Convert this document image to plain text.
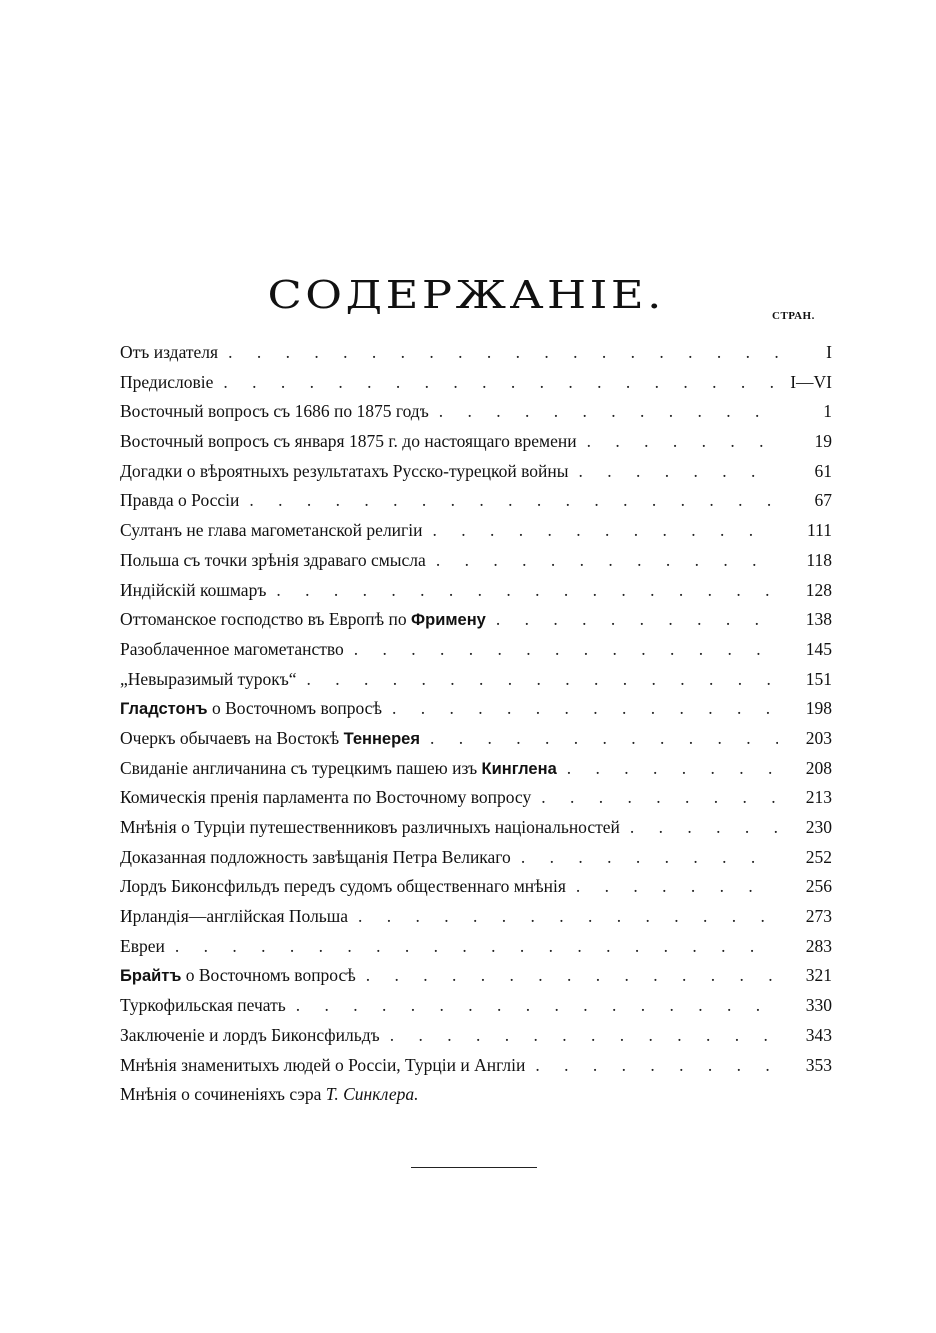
СОДЕРЖАНІЕ.	СТРАН.
Отъ издателя . . .	I
Предисловіе . . .	I—VI
Восточный вопросъ съ 1686 по 1875 годъ . . .	1
Восточный вопросъ съ января 1875 г. до настоящаго времени . . .	19
Догадки о вѣроятныхъ результатахъ Русско-турецкой войны . . .	61
Правда о Россіи . . .	67
Султанъ не глава магометанской религіи . . .	111
Польша съ точки зрѣнія здраваго смысла . . .	118
Индійскій кошмаръ . . .	128
Оттоманское господство въ Европѣ по Фримену . . .	138
Разоблаченное магометанство . . .	145
„Невыразимый турокъ“ . . .	151
Гладстонъ о Восточномъ вопросѣ . . .	198
Очеркъ обычаевъ на Востокѣ Теннерея . . .	203
Свиданіе англичанина съ турецкимъ пашею изъ Кинглена . . .	208
Комическія пренія парламента по Восточному вопросу . . .	213
Мнѣнія о Турціи путешественниковъ различныхъ національностей . . .	230
Доказанная подложность завѣщанія Петра Великаго . . .	252
Лордъ Биконсфильдъ передъ судомъ общественнаго мнѣнія . . .	256
Ирландія—англійская Польша . . .	273
Евреи . . .	283
Брайтъ о Восточномъ вопросѣ . . .	321
Туркофильская печать . . .	330
Заключеніе и лордъ Биконсфильдъ . . .	343
Мнѣнія знаменитыхъ людей о Россіи, Турціи и Англіи . . .	353
Мнѣнія о сочиненіяхъ сэра Т. Синклера.
